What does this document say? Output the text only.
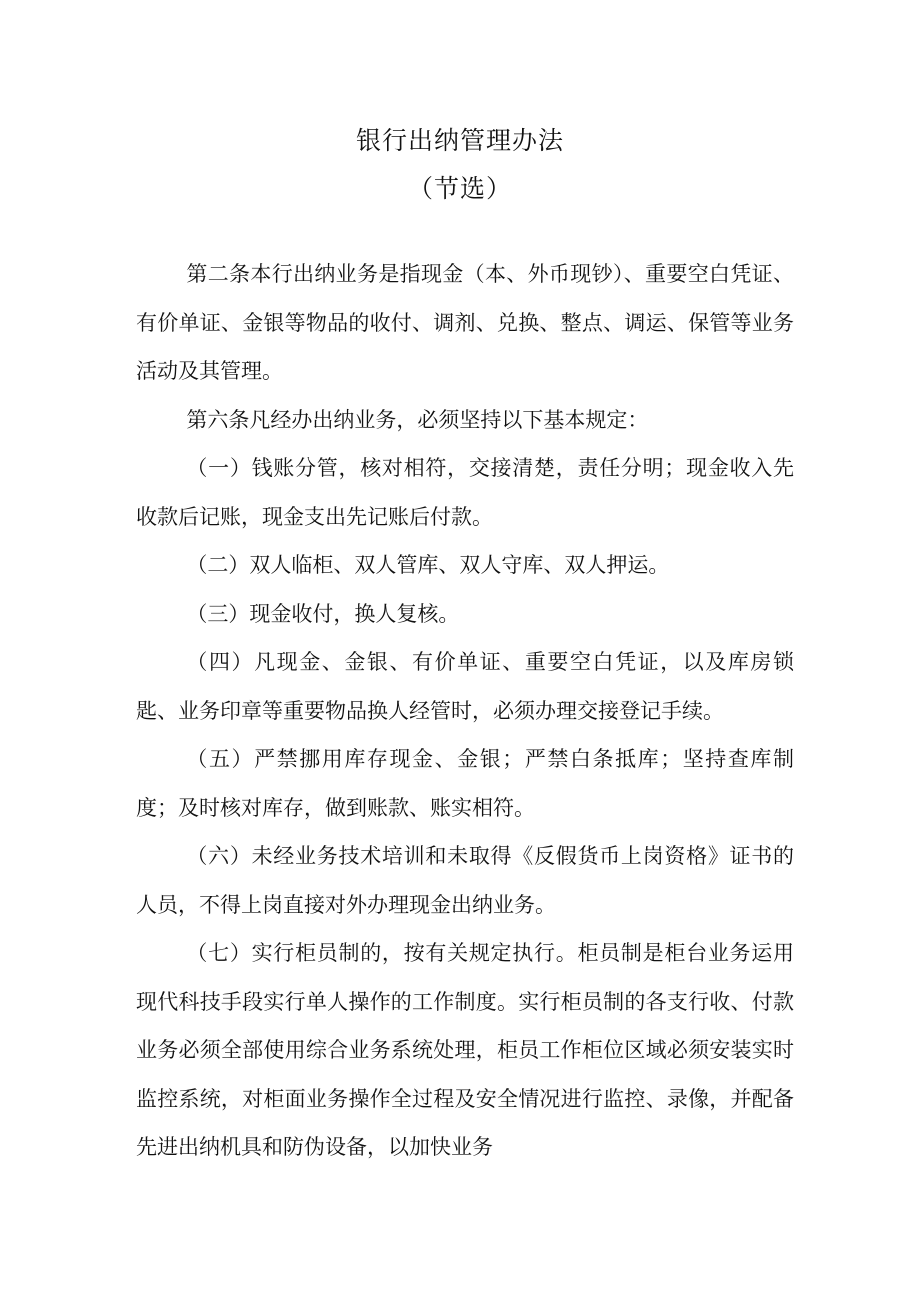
银行出纳管理办法
（节选）

第二条本行出纳业务是指现金（本、外币现钞）、重要空白凭证、有价单证、金银等物品的收付、调剂、兑换、整点、调运、保管等业务活动及其管理。

第六条凡经办出纳业务，必须坚持以下基本规定：

（一）钱账分管，核对相符，交接清楚，责任分明；现金收入先收款后记账，现金支出先记账后付款。

（二）双人临柜、双人管库、双人守库、双人押运。

（三）现金收付，换人复核。

（四）凡现金、金银、有价单证、重要空白凭证，以及库房锁匙、业务印章等重要物品换人经管时，必须办理交接登记手续。

（五）严禁挪用库存现金、金银；严禁白条抵库；坚持查库制度；及时核对库存，做到账款、账实相符。

（六）未经业务技术培训和未取得《反假货币上岗资格》证书的人员，不得上岗直接对外办理现金出纳业务。

（七）实行柜员制的，按有关规定执行。柜员制是柜台业务运用现代科技手段实行单人操作的工作制度。实行柜员制的各支行收、付款业务必须全部使用综合业务系统处理，柜员工作柜位区域必须安装实时监控系统，对柜面业务操作全过程及安全情况进行监控、录像，并配备先进出纳机具和防伪设备，以加快业务
